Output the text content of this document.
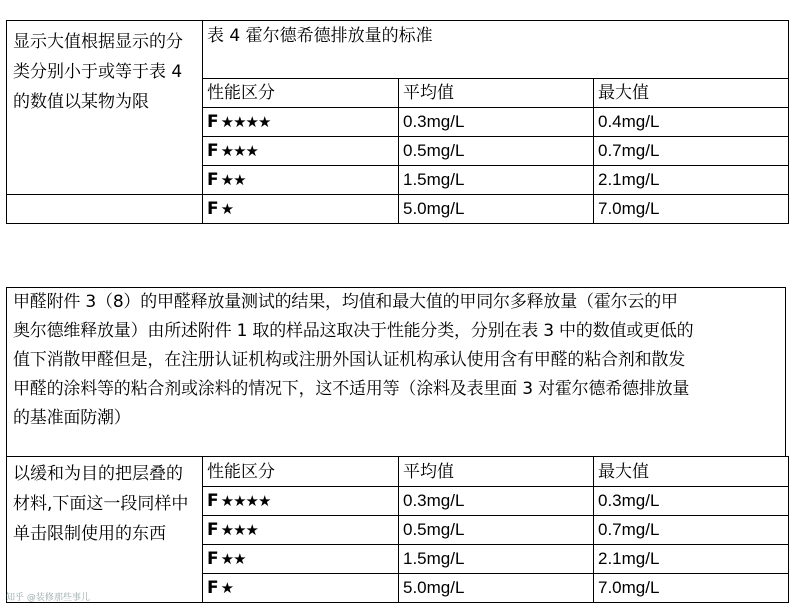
显示大值根据显示的分类分别小于或等于表 4 的数值以某物为限	表 4 霍尔德希德排放量的标准		
	性能区分	平均值	最大值
	F ★★★★	0.3mg/L	0.4mg/L
	F ★★★	0.5mg/L	0.7mg/L
	F ★★	1.5mg/L	2.1mg/L
	F ★	5.0mg/L	7.0mg/L

甲醛附件 3（8）的甲醛释放量测试的结果，均值和最大值的甲同尔多释放量（霍尔云的甲

奥尔德维释放量）由所述附件 1 取的样品这取决于性能分类，分别在表 3 中的数值或更低的

值下消散甲醛但是，在注册认证机构或注册外国认证机构承认使用含有甲醛的粘合剂和散发

甲醛的涂料等的粘合剂或涂料的情况下，这不适用等（涂料及表里面 3 对霍尔德希德排放量

的基准面防潮）

以缓和为目的把层叠的材料,下面这一段同样中单击限制使用的东西	性能区分	平均值	最大值
	F ★★★★	0.3mg/L	0.3mg/L
	F ★★★	0.5mg/L	0.7mg/L
	F ★★	1.5mg/L	2.1mg/L
	F ★	5.0mg/L	7.0mg/L
知乎 @装修那些事儿
